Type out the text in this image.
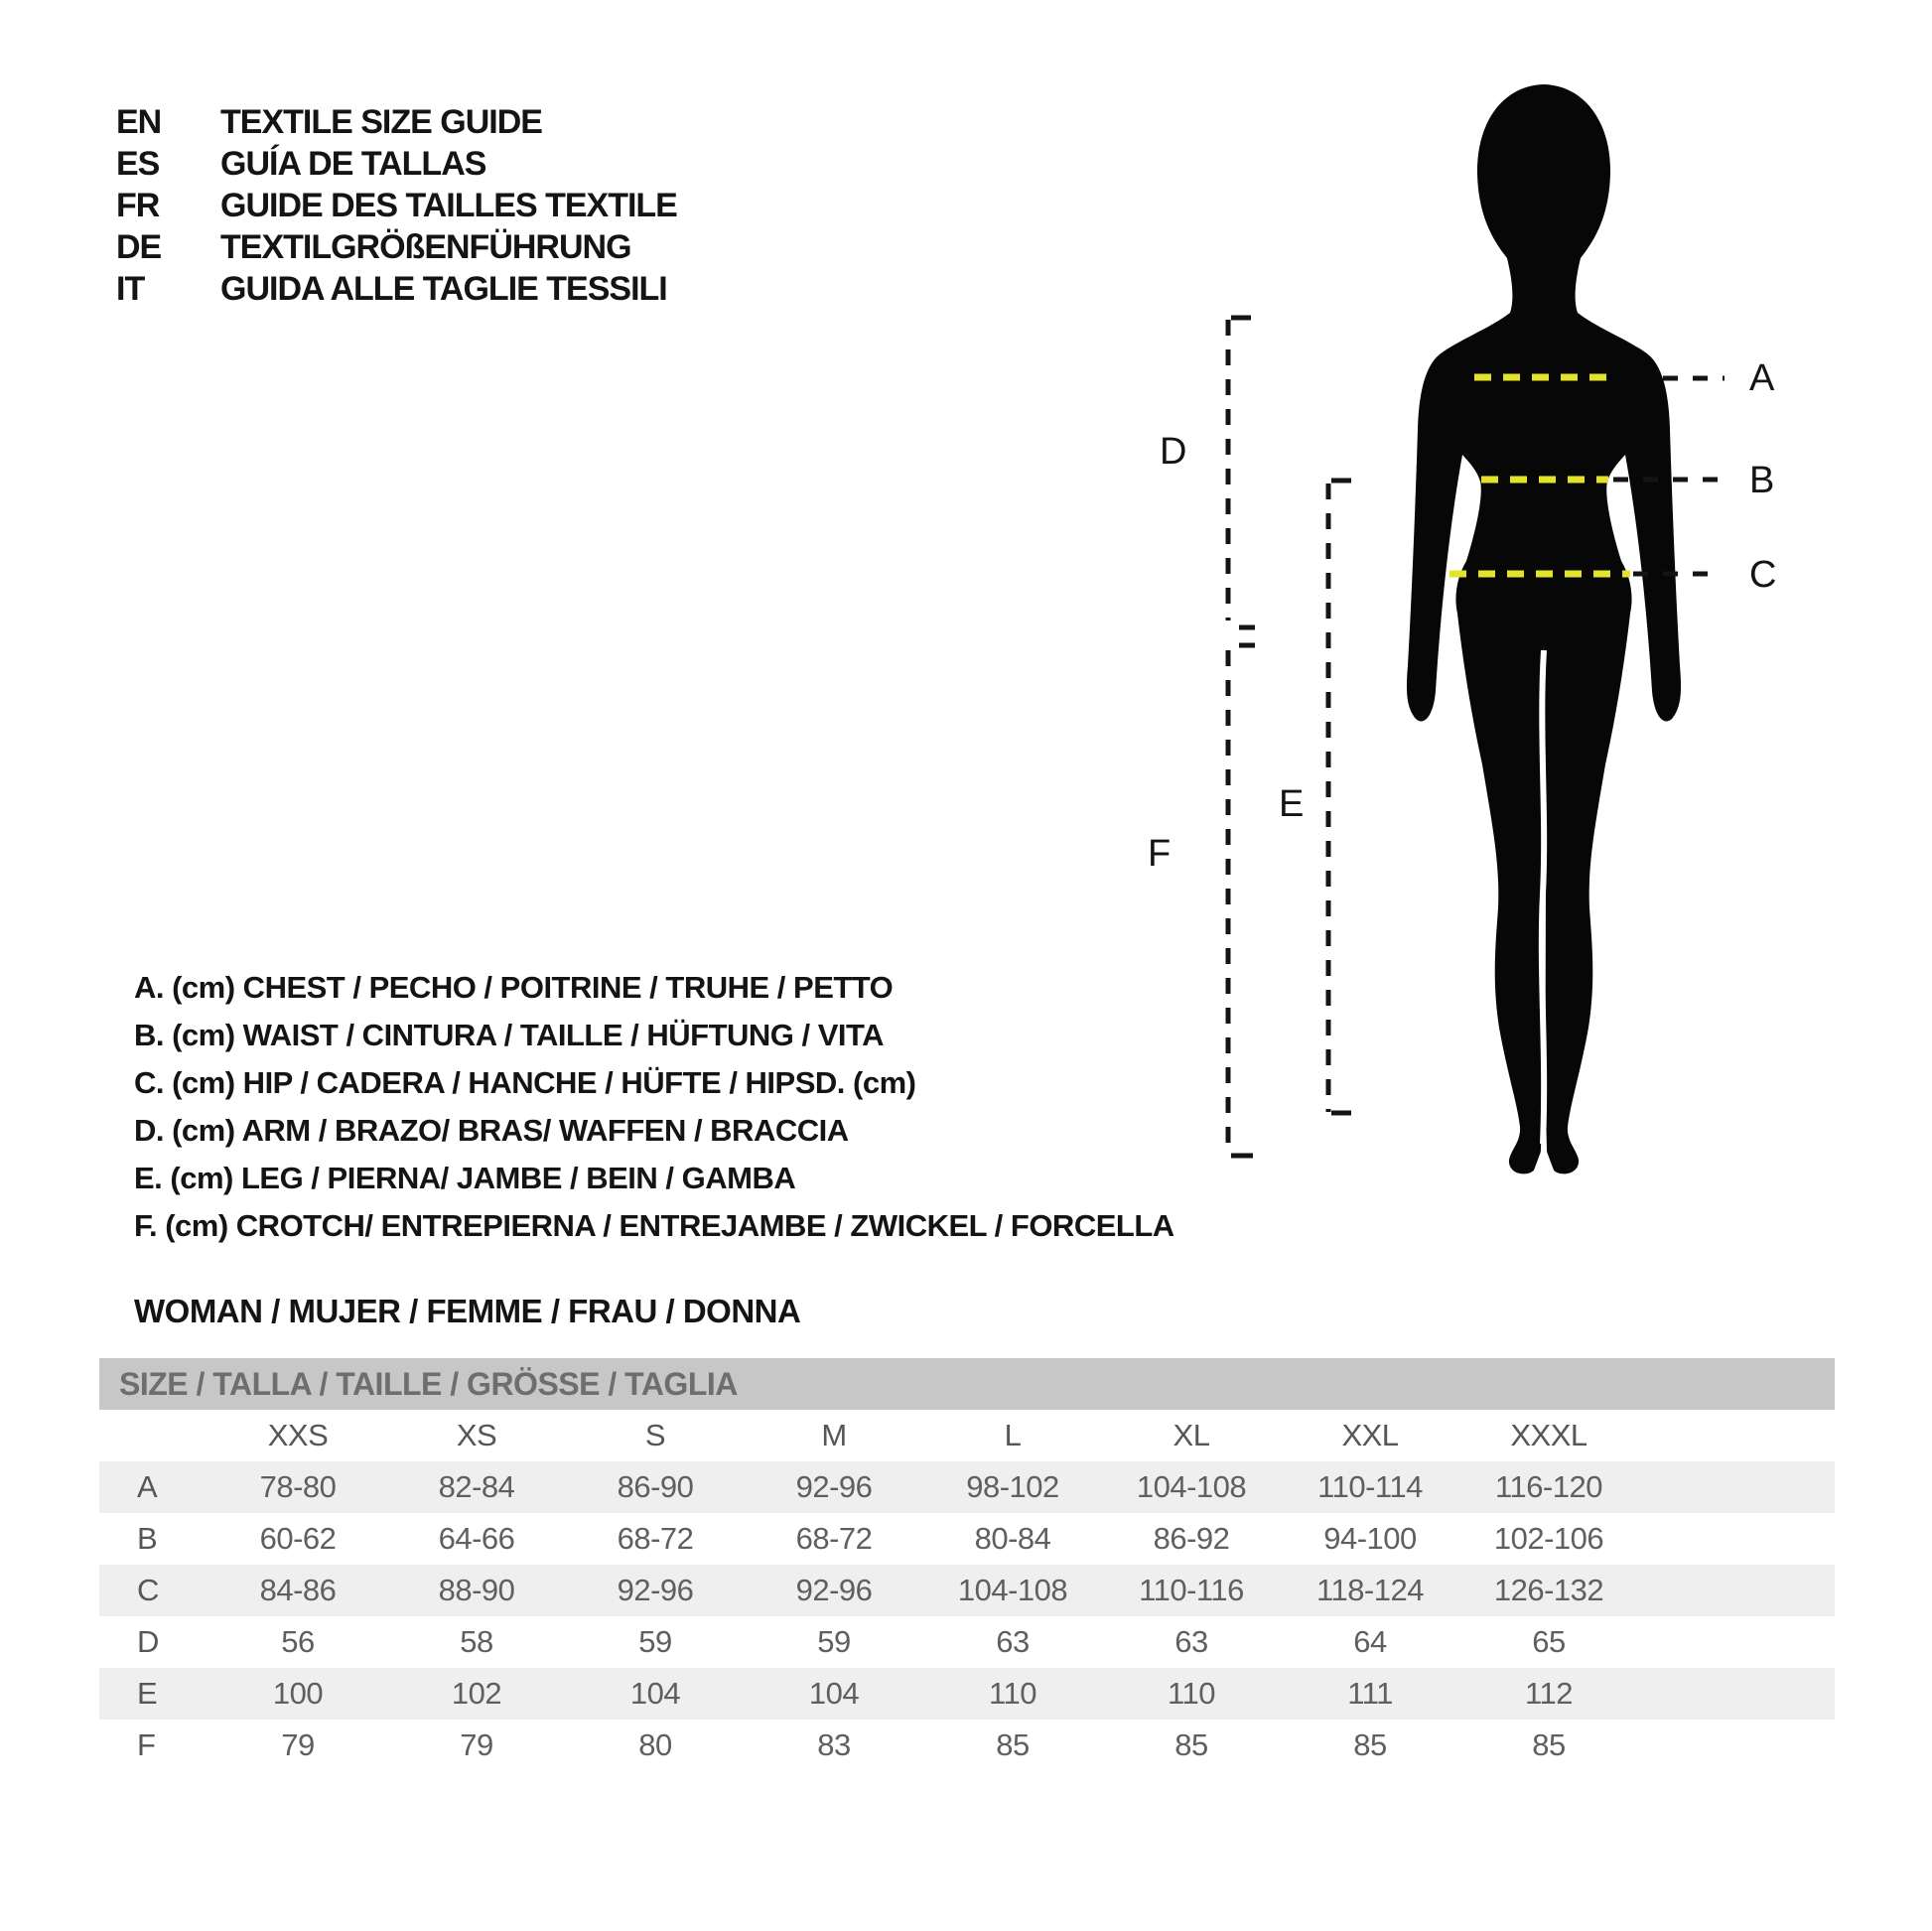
EN	TEXTILE SIZE GUIDE
ES	GUÍA DE TALLAS
FR	GUIDE DES TAILLES TEXTILE
DE	TEXTILGRÖßENFÜHRUNG
IT	GUIDA ALLE TAGLIE TESSILI
A
B
C
D
E
F
A. (cm) CHEST / PECHO / POITRINE / TRUHE / PETTO
B. (cm) WAIST / CINTURA / TAILLE / HÜFTUNG / VITA
C. (cm) HIP / CADERA / HANCHE / HÜFTE / HIPSD. (cm)
D. (cm) ARM / BRAZO/ BRAS/ WAFFEN / BRACCIA
E. (cm) LEG / PIERNA/ JAMBE / BEIN / GAMBA
F. (cm) CROTCH/ ENTREPIERNA / ENTREJAMBE / ZWICKEL / FORCELLA
WOMAN / MUJER / FEMME / FRAU / DONNA
SIZE / TALLA / TAILLE / GRÖSSE / TAGLIA
	XXS	XS	S	M	L	XL	XXL	XXXL	
A	78-80	82-84	86-90	92-96	98-102	104-108	110-114	116-120	
B	60-62	64-66	68-72	68-72	80-84	86-92	94-100	102-106	
C	84-86	88-90	92-96	92-96	104-108	110-116	118-124	126-132	
D	56	58	59	59	63	63	64	65	
E	100	102	104	104	110	110	111	112	
F	79	79	80	83	85	85	85	85	
